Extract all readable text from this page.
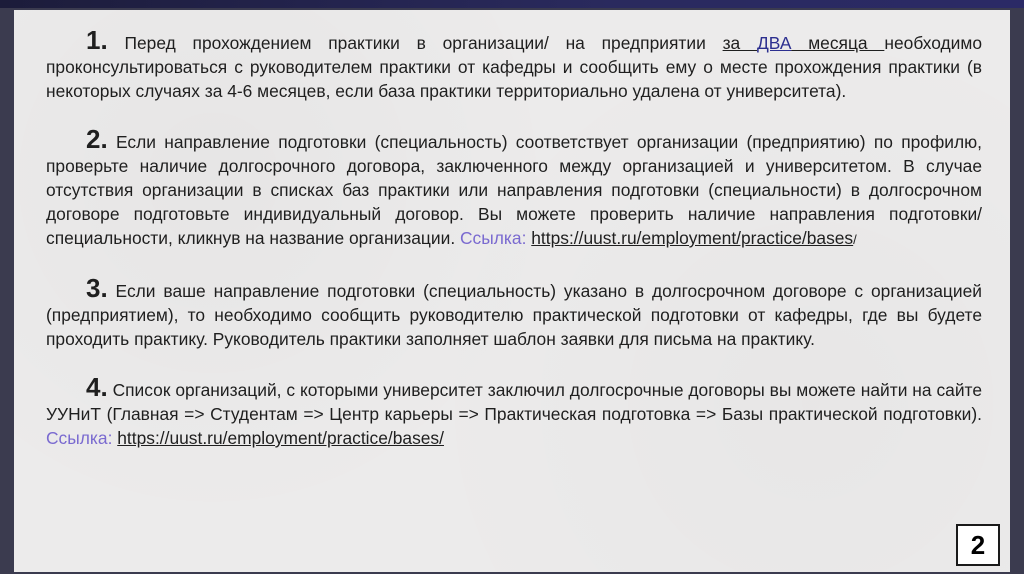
1. Перед прохождением практики в организации/ на предприятии за ДВА месяца необходимо проконсультироваться с руководителем практики от кафедры и сообщить ему о месте прохождения практики (в некоторых случаях за 4-6 месяцев, если база практики территориально удалена от университета).

2. Если направление подготовки (специальность) соответствует организации (предприятию) по профилю, проверьте наличие долгосрочного договора, заключенного между организацией и университетом. В случае отсутствия организации в списках баз практики или направления подготовки (специальности) в долгосрочном договоре подготовьте индивидуальный договор. Вы можете проверить наличие направления подготовки/специальности, кликнув на название организации. Ссылка: https://uust.ru/employment/practice/bases/

3. Если ваше направление подготовки (специальность) указано в долгосрочном договоре с организацией (предприятием), то необходимо сообщить руководителю практической подготовки от кафедры, где вы будете проходить практику. Руководитель практики заполняет шаблон заявки для письма на практику.

4. Список организаций, с которыми университет заключил долгосрочные договоры вы можете найти на сайте УУНиТ (Главная => Студентам => Центр карьеры => Практическая подготовка => Базы практической подготовки). Ссылка: https://uust.ru/employment/practice/bases/

2
